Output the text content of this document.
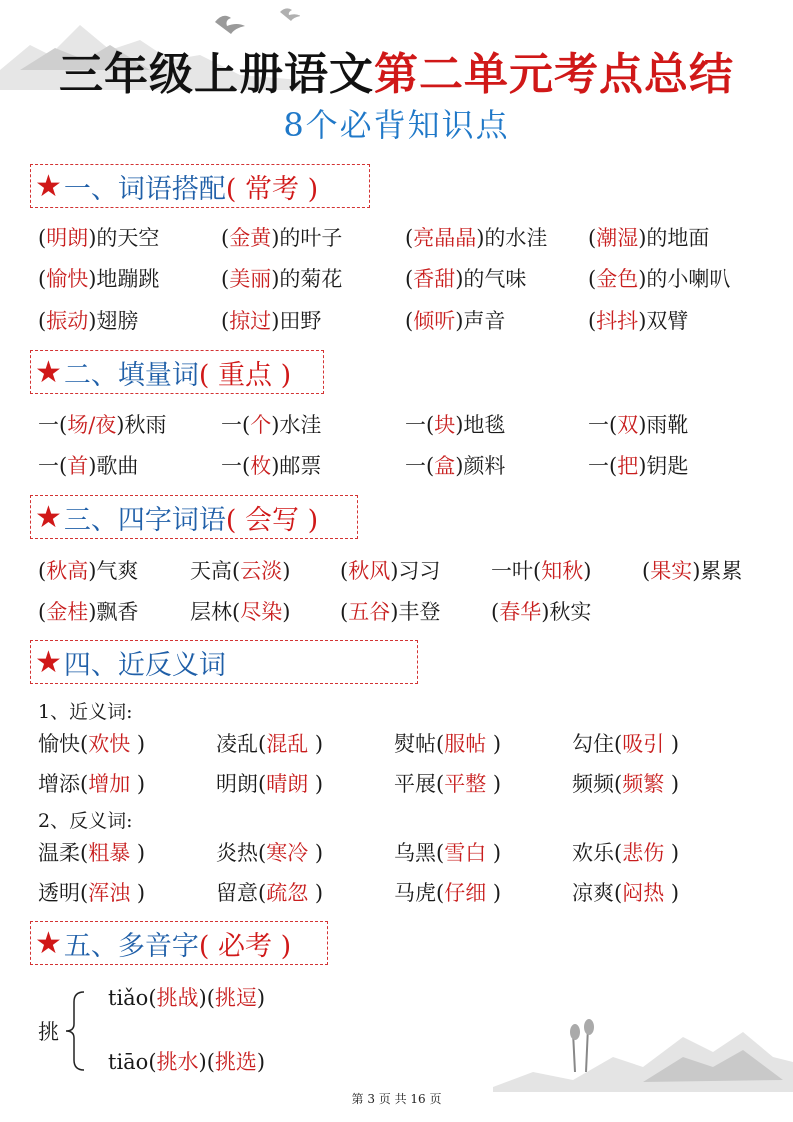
三年级上册语文第二单元考点总结
8个必背知识点
★ 一、词语搭配 ( 常考 )
(明朗)的天空	(金黄)的叶子	(亮晶晶)的水洼 (潮湿)的地面
(愉快)地蹦跳	(美丽)的菊花	(香甜)的气味	(金色)的小喇叭
(振动)翅膀	(掠过)田野	(倾听)声音	(抖抖)双臂
★ 二、填量词 ( 重点 )
一(场/夜)秋雨	一(个)水洼	一(块)地毯	一(双)雨靴
一(首)歌曲	一(枚)邮票	一(盒)颜料	一(把)钥匙
★ 三、四字词语 ( 会写 )
(秋高)气爽 天高(云淡) (秋风)习习 一叶(知秋) (果实)累累
(金桂)飘香 层林(尽染) (五谷)丰登 (春华)秋实
★ 四、近反义词
1、近义词:
愉快(欢快 )	凌乱(混乱 )	熨帖(服帖 )	勾住(吸引 )
增添(增加 )	明朗(晴朗 )	平展(平整 )	频频(频繁 )
2、反义词:
温柔(粗暴 )	炎热(寒冷 )	乌黑(雪白 )	欢乐(悲伤 )
透明(浑浊 )	留意(疏忽 )	马虎(仔细 )	凉爽(闷热 )
★ 五、多音字 ( 必考 )
挑
tiǎo(挑战)(挑逗)
tiāo(挑水)(挑选)
第 3 页 共 16 页
